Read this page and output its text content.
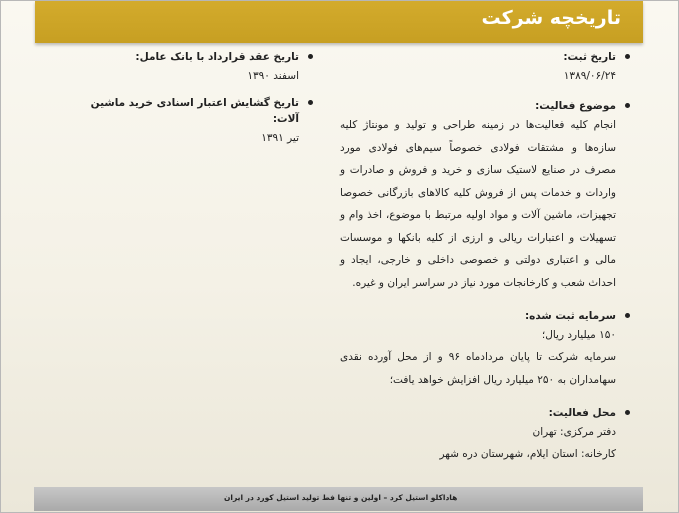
تاریخچه شرکت

تاریخ ثبت:

۱۳۸۹/۰۶/۲۴

موضوع فعالیت:

انجام کلیه فعالیت‌ها در زمینه طراحی و تولید و مونتاژ کلیه سازه‌ها و مشتقات فولادی خصوصاً سیم‌های فولادی مورد مصرف در صنایع لاستیک سازی و خرید و فروش و صادرات و واردات و خدمات پس از فروش کلیه کالاهای بازرگانی خصوصا تجهیزات، ماشین آلات و مواد اولیه مرتبط با موضوع، اخذ وام و تسهیلات و اعتبارات ریالی و ارزی از کلیه بانکها و موسسات مالی و اعتباری دولتی و خصوصی داخلی و خارجی، ایجاد و احداث شعب و کارخانجات مورد نیاز در سراسر ایران و غیره.

سرمایه ثبت شده:

۱۵۰ میلیارد ریال؛

سرمایه شرکت تا پایان مردادماه ۹۶ و از محل آورده نقدی سهامداران به ۲۵۰ میلیارد ریال افزایش خواهد یافت؛

محل فعالیت:

دفتر مرکزی: تهران

کارخانه: استان ایلام، شهرستان دره شهر

تاریخ عقد قرارداد با بانک عامل:

اسفند ۱۳۹۰

تاریخ گشایش اعتبار اسنادی خرید ماشین آلات:

تیر ۱۳۹۱

هاداکلو استیل کرد – اولین و تنها فط تولید استیل کورد در ایران
